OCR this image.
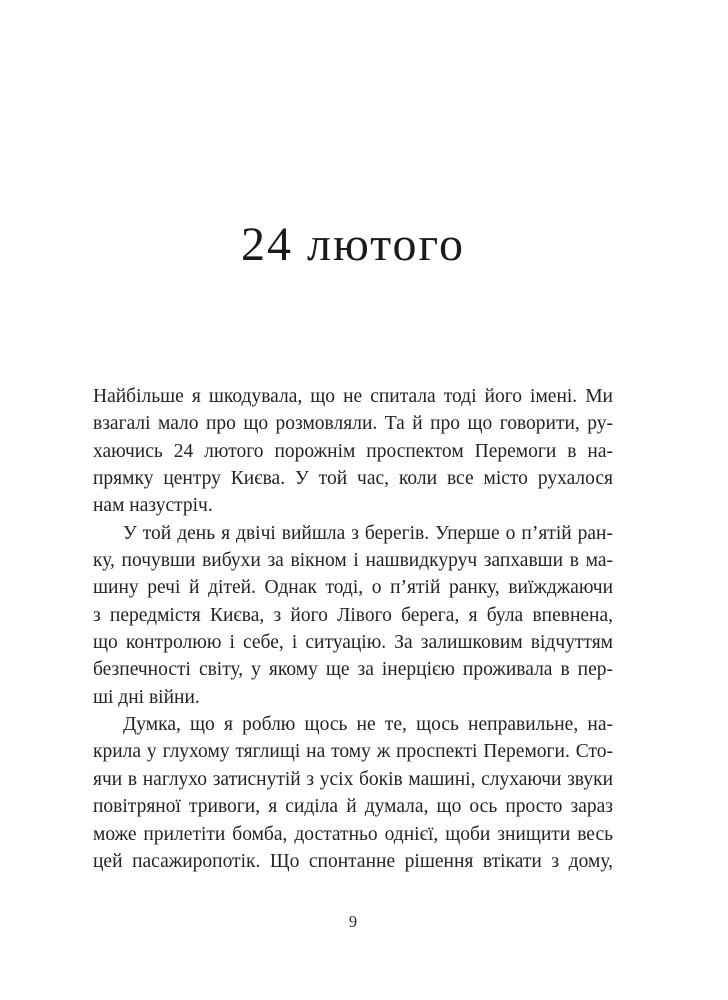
24 лютого
Найбільше я шкодувала, що не спитала тоді його імені. Ми
взагалі мало про що розмовляли. Та й про що говорити, ру-
хаючись 24 лютого порожнім проспектом Перемоги в на-
прямку центру Києва. У той час, коли все місто рухалося
нам назустріч.
У той день я двічі вийшла з берегів. Уперше о п’ятій ран-
ку, почувши вибухи за вікном і нашвидкуруч запхавши в ма-
шину речі й дітей. Однак тоді, о п’ятій ранку, виїжджаючи
з передмістя Києва, з його Лівого берега, я була впевнена,
що контролюю і себе, і ситуацію. За залишковим відчуттям
безпечності світу, у якому ще за інерцією проживала в пер-
ші дні війни.
Думка, що я роблю щось не те, щось неправильне, на-
крила у глухому тяглищі на тому ж проспекті Перемоги. Сто-
ячи в наглухо затиснутій з усіх боків машині, слухаючи звуки
повітряної тривоги, я сиділа й думала, що ось просто зараз
може прилетіти бомба, достатньо однієї, щоби знищити весь
цей пасажиропотік. Що спонтанне рішення втікати з дому,
9
